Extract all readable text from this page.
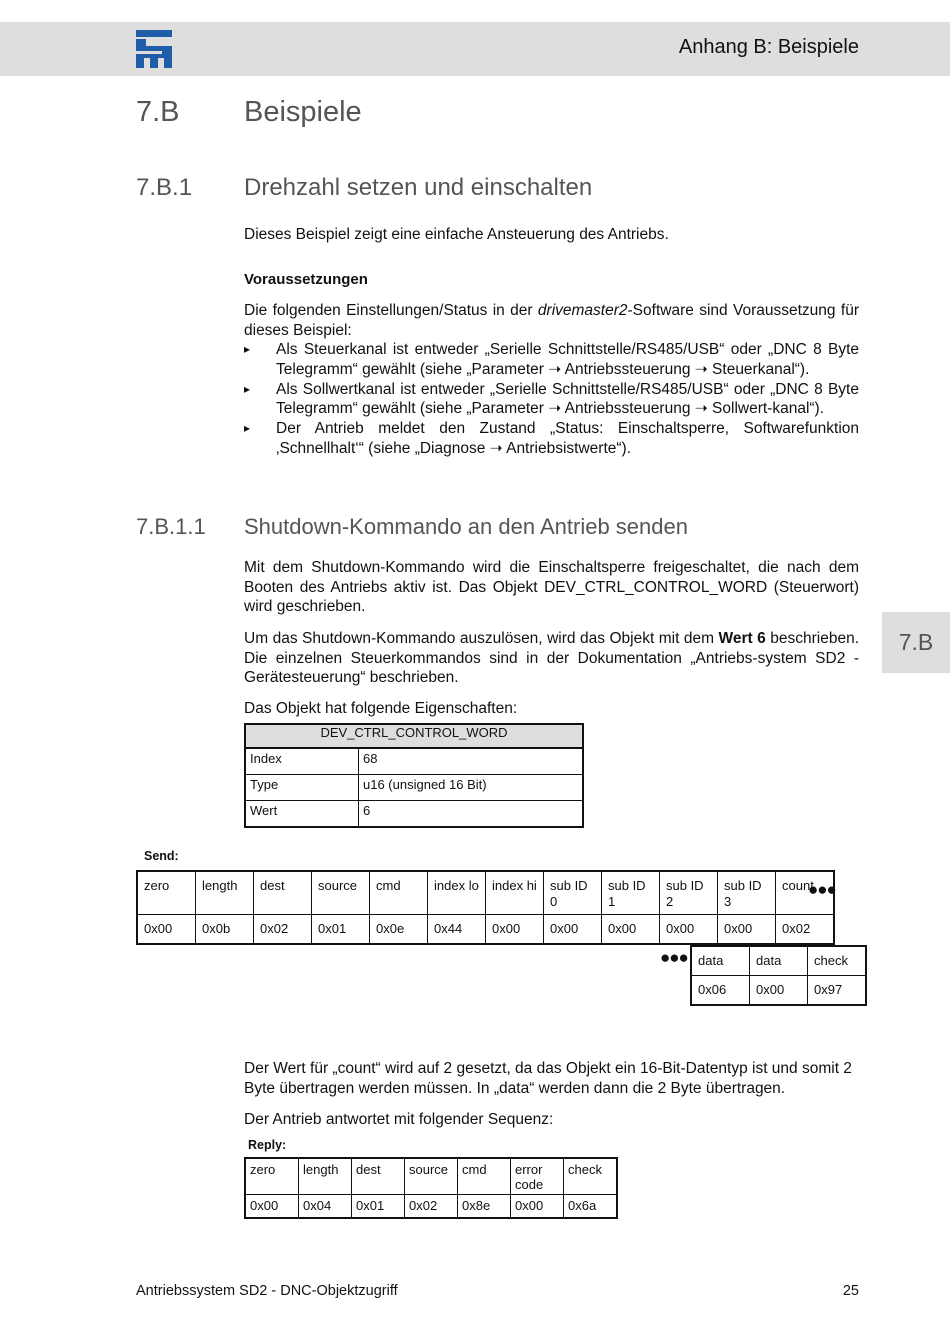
Anhang B: Beispiele
7.B Beispiele
7.B.1 Drehzahl setzen und einschalten
Dieses Beispiel zeigt eine einfache Ansteuerung des Antriebs.
Voraussetzungen
Die folgenden Einstellungen/Status in der drivemaster2-Software sind Voraussetzung für dieses Beispiel:
▸ Als Steuerkanal ist entweder „Serielle Schnittstelle/RS485/USB“ oder „DNC 8 Byte Telegramm“ gewählt (siehe „Parameter ➝ Antriebssteuerung ➝ Steuerkanal“).
▸ Als Sollwertkanal ist entweder „Serielle Schnittstelle/RS485/USB“ oder „DNC 8 Byte Telegramm“ gewählt (siehe „Parameter ➝ Antriebssteuerung ➝ Sollwert-kanal“).
▸ Der Antrieb meldet den Zustand „Status: Einschaltsperre, Softwarefunktion ‚Schnellhalt‘“ (siehe „Diagnose ➝ Antriebsistwerte“).
7.B.1.1 Shutdown-Kommando an den Antrieb senden
Mit dem Shutdown-Kommando wird die Einschaltsperre freigeschaltet, die nach dem Booten des Antriebs aktiv ist. Das Objekt DEV_CTRL_CONTROL_WORD (Steuerwort) wird geschrieben.
Um das Shutdown-Kommando auszulösen, wird das Objekt mit dem Wert 6 beschrieben. Die einzelnen Steuerkommandos sind in der Dokumentation „Antriebs-system SD2 - Gerätesteuerung“ beschrieben.
Das Objekt hat folgende Eigenschaften:
DEV_CTRL_CONTROL_WORD	
Index	68
Type	u16 (unsigned 16 Bit)
Wert	6
Send:
zero	length	dest	source	cmd	index lo	index hi	sub ID 0	sub ID 1	sub ID 2	sub ID 3	count
0x00	0x0b	0x02	0x01	0x0e	0x44	0x00	0x00	0x00	0x00	0x00	0x02
●●●
●●● data	data	check
0x06	0x00	0x97
Der Wert für „count“ wird auf 2 gesetzt, da das Objekt ein 16-Bit-Datentyp ist und somit 2 Byte übertragen werden müssen. In „data“ werden dann die 2 Byte übertragen.
Der Antrieb antwortet mit folgender Sequenz:
Reply:
zero	length	dest	source	cmd	error code	check
0x00	0x04	0x01	0x02	0x8e	0x00	0x6a
7.B
Antriebssystem SD2 - DNC-Objektzugriff	25
